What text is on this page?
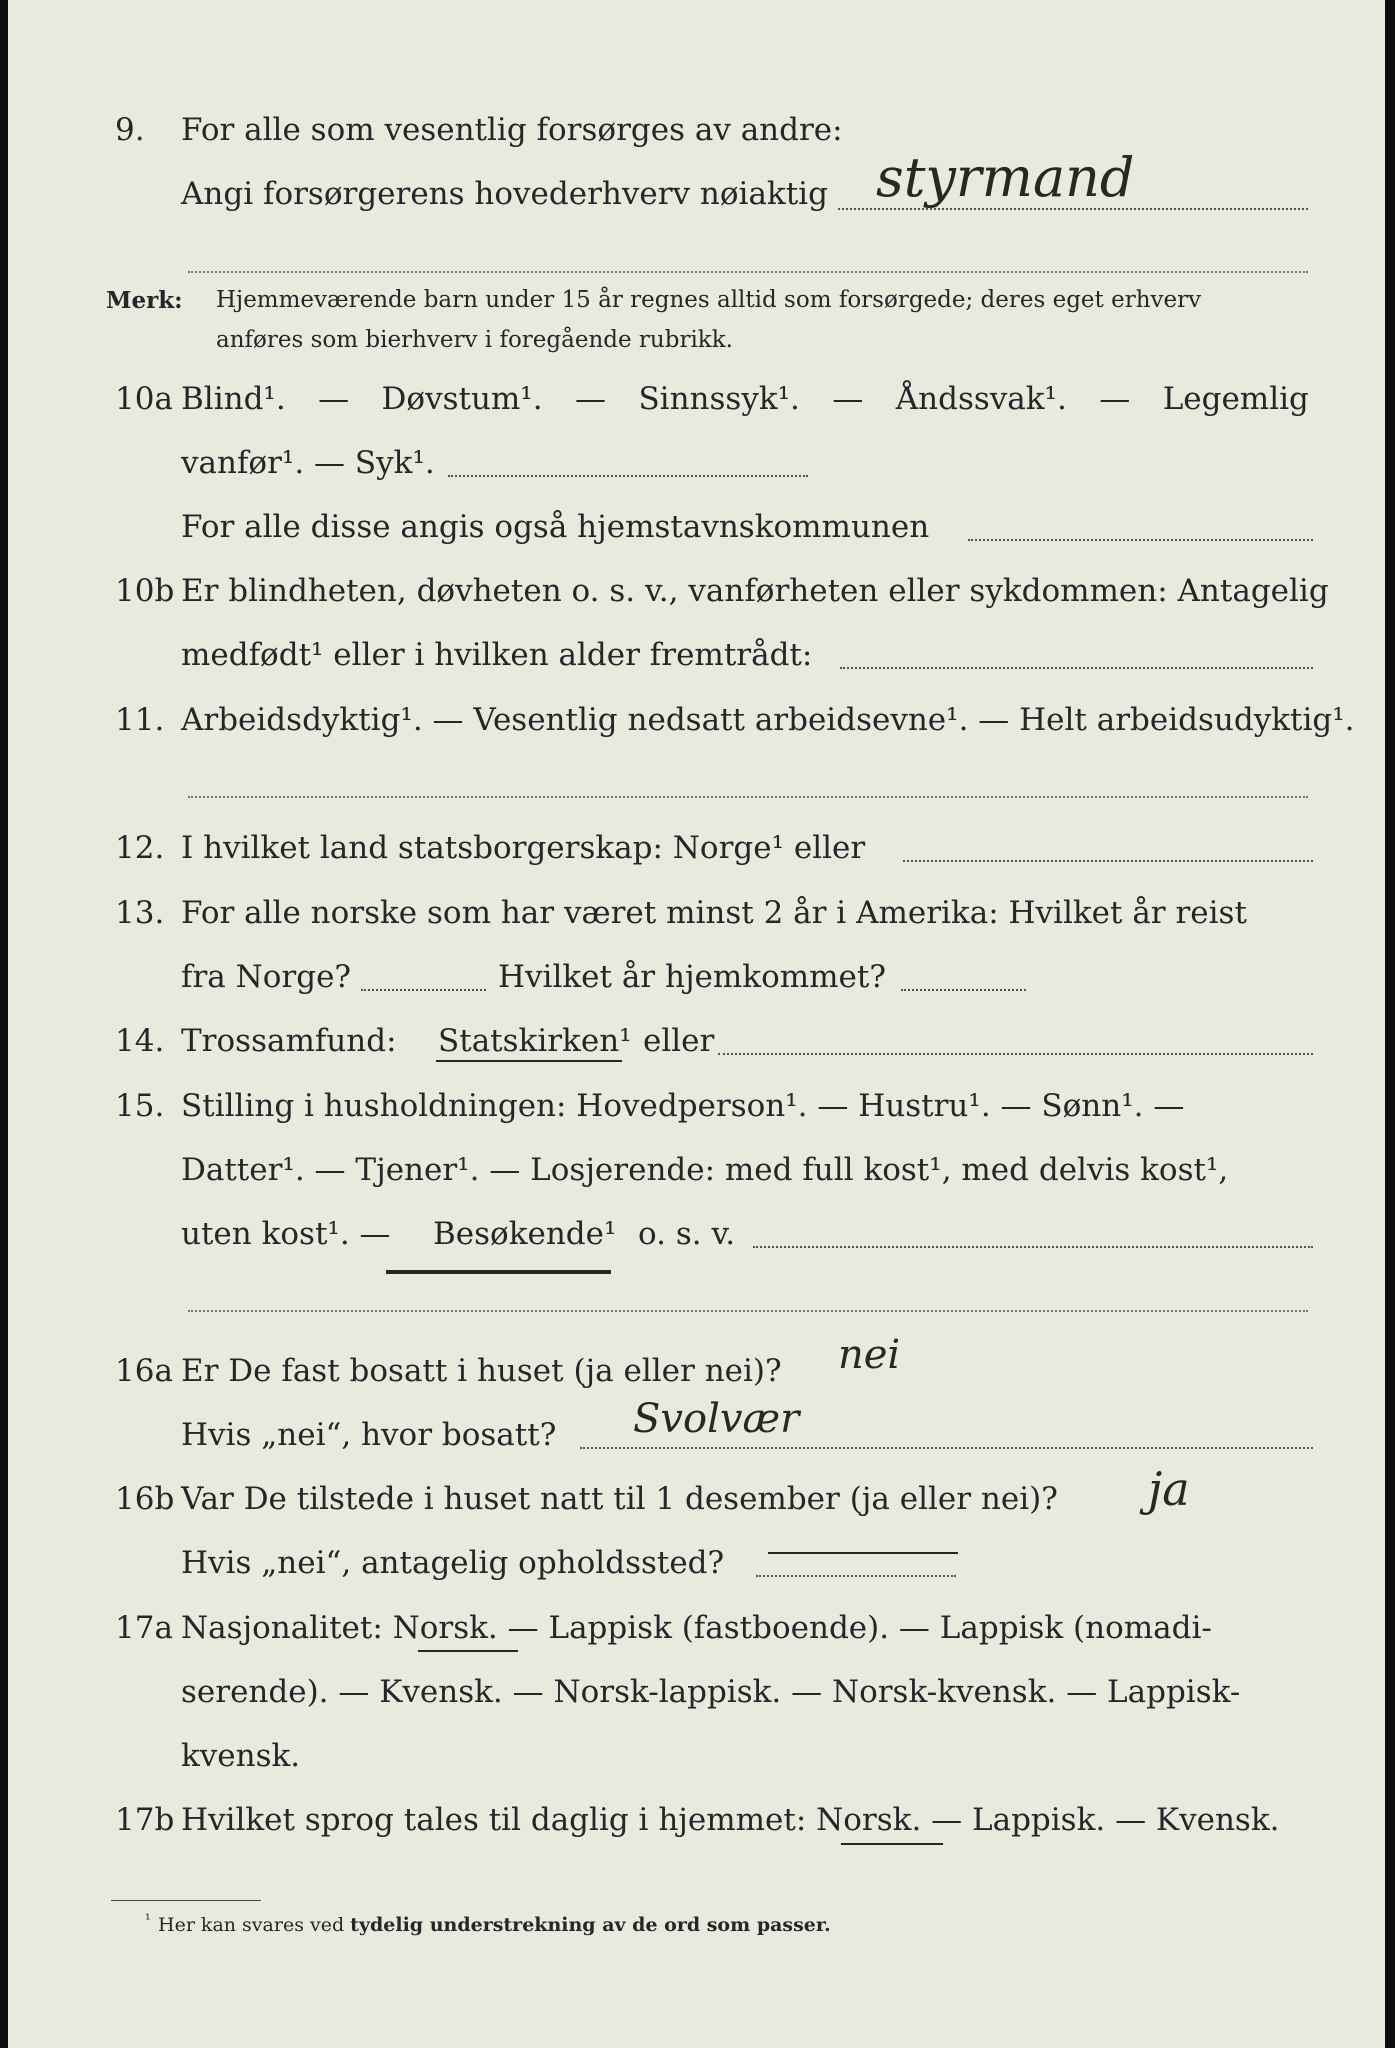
9. For alle som vesentlig forsørges av andre:
Angi forsørgerens hovederhverv nøiaktig styrmand
Merk: Hjemmeværende barn under 15 år regnes alltid som forsørgede; deres eget erhverv
anføres som bierhverv i foregående rubrikk.
10a Blind¹. — Døvstum¹. — Sinnssyk¹. — Åndssvak¹. — Legemlig
vanfør¹. — Syk¹.
For alle disse angis også hjemstavnskommunen
10b Er blindheten, døvheten o. s. v., vanførheten eller sykdommen: Antagelig
medfødt¹ eller i hvilken alder fremtrådt:
11. Arbeidsdyktig¹. — Vesentlig nedsatt arbeidsevne¹. — Helt arbeidsudyktig¹.
12. I hvilket land statsborgerskap: Norge¹ eller
13. For alle norske som har været minst 2 år i Amerika: Hvilket år reist
fra Norge?	Hvilket år hjemkommet?
14. Trossamfund: Statskirken¹ eller
15. Stilling i husholdningen: Hovedperson¹. — Hustru¹. — Sønn¹. —
Datter¹. — Tjener¹. — Losjerende: med full kost¹, med delvis kost¹,
uten kost¹. — Besøkende¹ o. s. v.
16a Er De fast bosatt i huset (ja eller nei)? nei
Hvis „nei“, hvor bosatt? Svolvær
16b Var De tilstede i huset natt til 1 desember (ja eller nei)? ja
Hvis „nei“, antagelig opholdssted?
17a Nasjonalitet: Norsk. — Lappisk (fastboende). — Lappisk (nomadi-
serende). — Kvensk. — Norsk-lappisk. — Norsk-kvensk. — Lappisk-
kvensk.
17b Hvilket sprog tales til daglig i hjemmet: Norsk. — Lappisk. — Kvensk.
¹ Her kan svares ved tydelig understrekning av de ord som passer.
